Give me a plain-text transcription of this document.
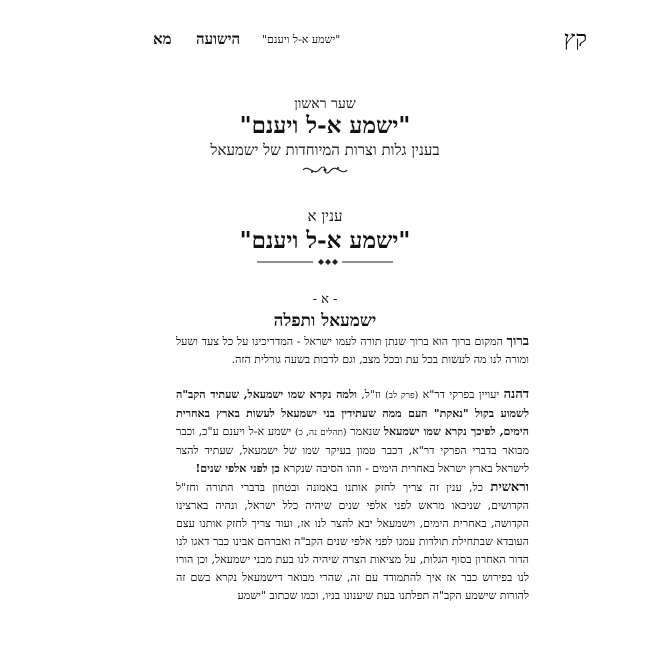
קץ
"ישמע א-ל ויענם"
הישועה
מא
שער ראשון
"ישמע א-ל ויענם"
בענין גלות וצרות המיוחדות של ישמעאל
ענין א
"ישמע א-ל ויענם"
- א -
ישמעאל ותפלה
ברוך המקום ברוך הוא ברוך שנתן תורה לעמו ישראל - המדריכינו על כל צעד ושעל ומורה לנו מה לעשות בכל עת ובכל מצב, וגם לדבות בשעה גורלית הזה.
דהנה יעויין בפרקי דר"א (פרק לב) וז"ל, ולמה נקרא שמו ישמעאל, שעתיד הקב"ה לשמוע בקול "נאקת" העם ממה שעתידין בני ישמעאל לעשות בארץ באחרית הימים, לפיכך נקרא שמו ישמעאל שנאמר (תהלים נה, כ) ישמע א-ל ויענם ע"כ, וכבר מבואר בדברי הפרקי דר"א, דכבר טמון בעיקר שמו של ישמעאל, שעתיד להצר לישראל בארץ ישראל באחרית הימים - וזהו הסיבה שנקרא כן לפני אלפי שנים!
וראשית כל, ענין זה צריך לחזק אותנו באמונה ובטחון בדברי התורה וחז"ל הקדושים, שניבאו מראש לפני אלפי שנים שיהיה כלל ישראל, ונהיה בארצינו הקדושה, באחרית הימים, וישמעאל יבא להצר לנו אז, ועוד צריך לחזק אותנו עצם העובדא שבתחילת תולדות עמנו לפני אלפי שנים הקב"ה ואברהם אבינו כבר דאגו לנו הדור האחרון בסוף הגלות, על מציאות הצרה שיהיה לנו בעת מבני ישמעאל, וכן הורו לנו בפירוש כבר אז איך להתמודד עם זה, שהרי מבואר דישמעאל נקרא בשם זה להורות שישמע הקב"ה תפלתנו בעת שיענונו בניו, וכמו שכתוב "ישמע
